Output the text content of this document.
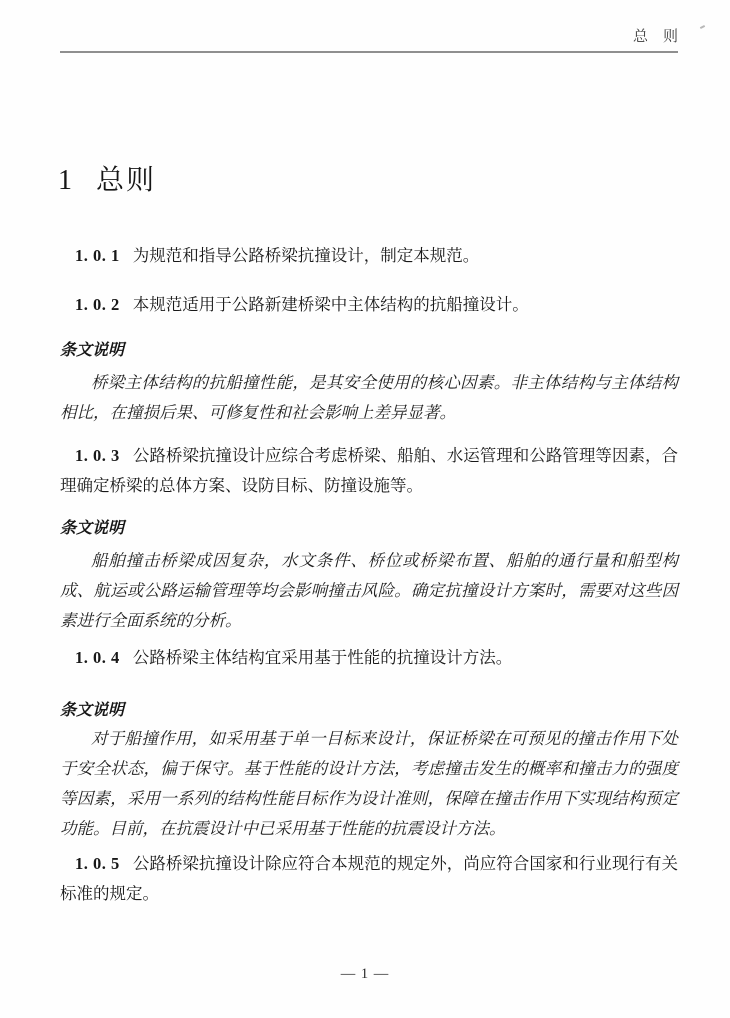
总　则
1 总则

1. 0. 1 为规范和指导公路桥梁抗撞设计，制定本规范。

1. 0. 2 本规范适用于公路新建桥梁中主体结构的抗船撞设计。

条文说明

桥梁主体结构的抗船撞性能，是其安全使用的核心因素。非主体结构与主体结构相比，在撞损后果、可修复性和社会影响上差异显著。

1. 0. 3 公路桥梁抗撞设计应综合考虑桥梁、船舶、水运管理和公路管理等因素，合理确定桥梁的总体方案、设防目标、防撞设施等。

条文说明

船舶撞击桥梁成因复杂，水文条件、桥位或桥梁布置、船舶的通行量和船型构成、航运或公路运输管理等均会影响撞击风险。确定抗撞设计方案时，需要对这些因素进行全面系统的分析。

1. 0. 4 公路桥梁主体结构宜采用基于性能的抗撞设计方法。

条文说明

对于船撞作用，如采用基于单一目标来设计，保证桥梁在可预见的撞击作用下处于安全状态，偏于保守。基于性能的设计方法，考虑撞击发生的概率和撞击力的强度等因素，采用一系列的结构性能目标作为设计准则，保障在撞击作用下实现结构预定功能。目前，在抗震设计中已采用基于性能的抗震设计方法。

1. 0. 5 公路桥梁抗撞设计除应符合本规范的规定外，尚应符合国家和行业现行有关标准的规定。

— 1 —
